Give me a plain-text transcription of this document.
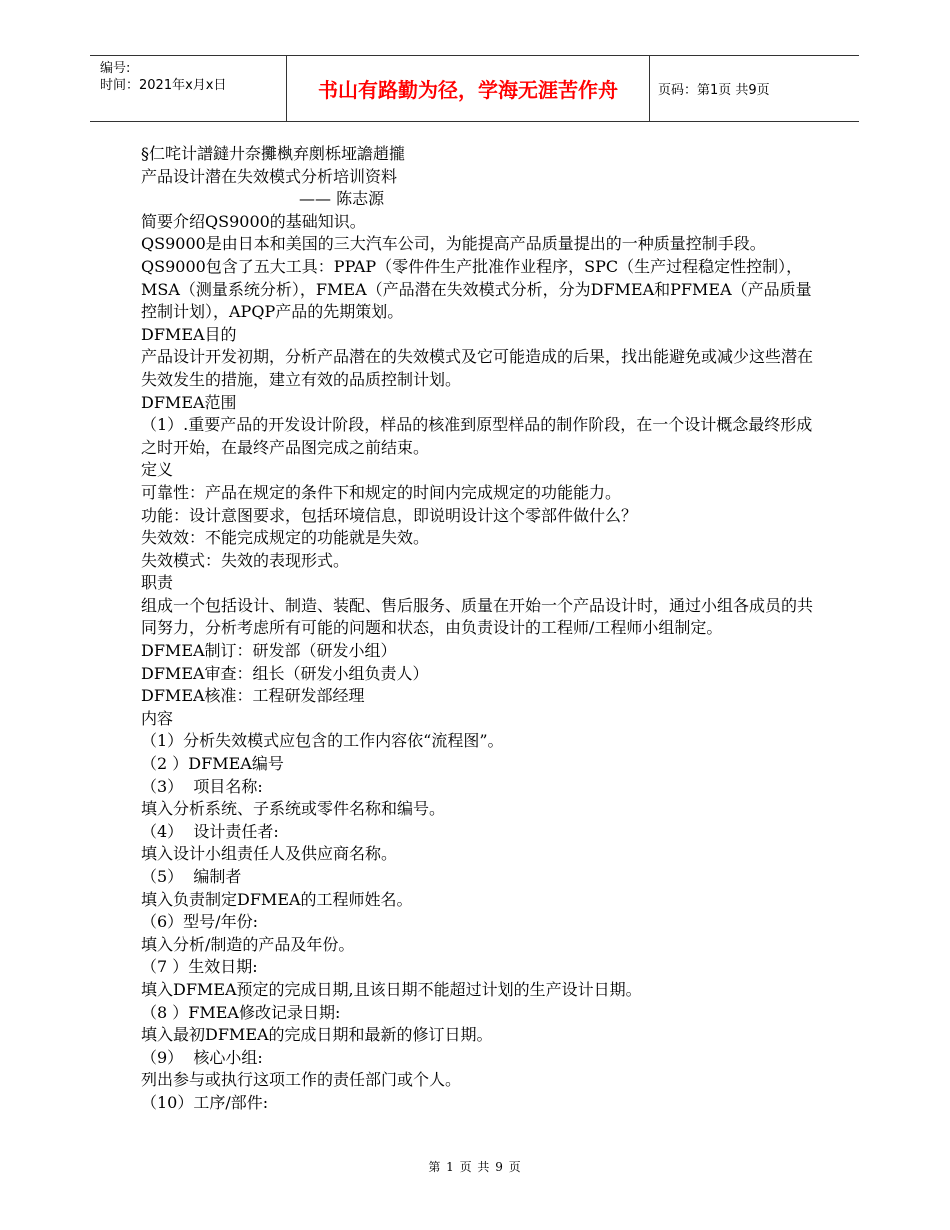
编号:
时间：2021年x月x日	书山有路勤为径，学海无涯苦作舟	页码：第1页 共9页

§仁咤计譜鐽廾奈攤槸弃剫栎垭譫趙攏

产品设计潜在失效模式分析培训资料

—— 陈志源

简要介绍QS9000的基础知识。

QS9000是由日本和美国的三大汽车公司，为能提高产品质量提出的一种质量控制手段。QS9000包含了五大工具：PPAP（零件件生产批准作业程序，SPC（生产过程稳定性控制），MSA（测量系统分析），FMEA（产品潜在失效模式分析，分为DFMEA和PFMEA（产品质量控制计划），APQP产品的先期策划。

DFMEA目的

产品设计开发初期，分析产品潜在的失效模式及它可能造成的后果，找出能避免或减少这些潜在失效发生的措施，建立有效的品质控制计划。

DFMEA范围

（1）.重要产品的开发设计阶段，样品的核准到原型样品的制作阶段，在一个设计概念最终形成之时开始，在最终产品图完成之前结束。

定义

可靠性：产品在规定的条件下和规定的时间内完成规定的功能能力。

功能：设计意图要求，包括环境信息，即说明设计这个零部件做什么？

失效效：不能完成规定的功能就是失效。

失效模式：失效的表现形式。

职责

组成一个包括设计、制造、装配、售后服务、质量在开始一个产品设计时，通过小组各成员的共同努力，分析考虑所有可能的问题和状态，由负责设计的工程师/工程师小组制定。

DFMEA制订：研发部（研发小组）

DFMEA审查：组长（研发小组负责人）

DFMEA核准：工程研发部经理

内容

（1）分析失效模式应包含的工作内容依“流程图”。

（2 ）DFMEA编号

（3）  项目名称:

填入分析系统、子系统或零件名称和编号。

（4）  设计责任者:

填入设计小组责任人及供应商名称。

（5）  编制者

填入负责制定DFMEA的工程师姓名。

（6）型号/年份:

填入分析/制造的产品及年份。

（7 ）生效日期:

填入DFMEA预定的完成日期,且该日期不能超过计划的生产设计日期。

（8 ）FMEA修改记录日期:

填入最初DFMEA的完成日期和最新的修订日期。

（9）  核心小组:

列出参与或执行这项工作的责任部门或个人。

（10）工序/部件:

第 1 页 共 9 页
